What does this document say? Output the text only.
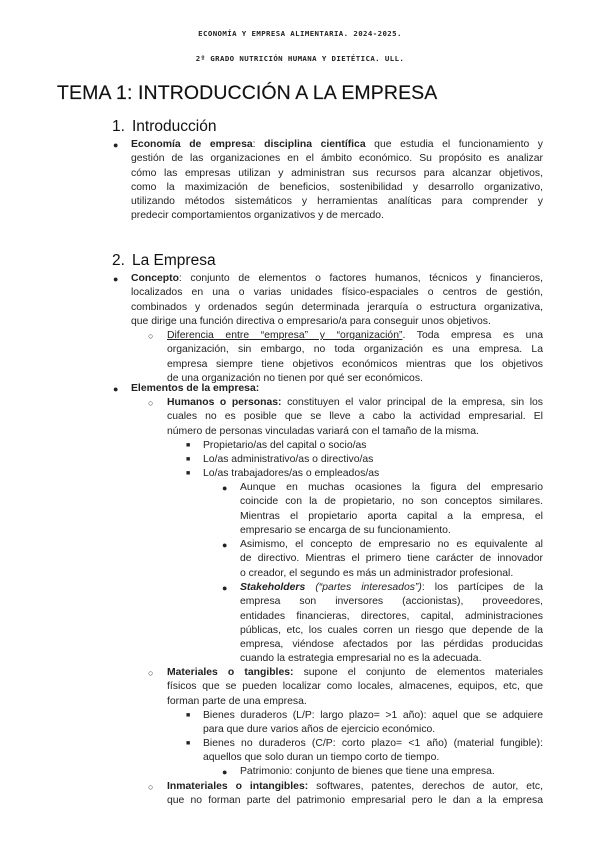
ECONOMÍA Y EMPRESA ALIMENTARIA. 2024-2025.
2º GRADO NUTRICIÓN HUMANA Y DIETÉTICA. ULL.
TEMA 1: INTRODUCCIÓN A LA EMPRESA
1. Introducción
● Economía de empresa: disciplina científica que estudia el funcionamiento y
gestión de las organizaciones en el ámbito económico. Su propósito es analizar
cómo las empresas utilizan y administran sus recursos para alcanzar objetivos,
como la maximización de beneficios, sostenibilidad y desarrollo organizativo,
utilizando métodos sistemáticos y herramientas analíticas para comprender y
predecir comportamientos organizativos y de mercado.
2. La Empresa
● Concepto: conjunto de elementos o factores humanos, técnicos y financieros,
localizados en una o varias unidades físico-espaciales o centros de gestión,
combinados y ordenados según determinada jerarquía o estructura organizativa,
que dirige una función directiva o empresario/a para conseguir unos objetivos.
○ Diferencia entre “empresa” y “organización”. Toda empresa es una
organización, sin embargo, no toda organización es una empresa. La
empresa siempre tiene objetivos económicos mientras que los objetivos
de una organización no tienen por qué ser económicos.
● Elementos de la empresa:
○ Humanos o personas: constituyen el valor principal de la empresa, sin los
cuales no es posible que se lleve a cabo la actividad empresarial. El
número de personas vinculadas variará con el tamaño de la misma.
■ Propietario/as del capital o socio/as
■ Lo/as administrativo/as o directivo/as
■ Lo/as trabajadores/as o empleados/as
● Aunque en muchas ocasiones la figura del empresario
coincide con la de propietario, no son conceptos similares.
Mientras el propietario aporta capital a la empresa, el
empresario se encarga de su funcionamiento.
● Asimismo, el concepto de empresario no es equivalente al
de directivo. Mientras el primero tiene carácter de innovador
o creador, el segundo es más un administrador profesional.
● Stakeholders (“partes interesados”): los partícipes de la
empresa son inversores (accionistas), proveedores,
entidades financieras, directores, capital, administraciones
públicas, etc, los cuales corren un riesgo que depende de la
empresa, viéndose afectados por las pérdidas producidas
cuando la estrategia empresarial no es la adecuada.
○ Materiales o tangibles: supone el conjunto de elementos materiales
físicos que se pueden localizar como locales, almacenes, equipos, etc, que
forman parte de una empresa.
■ Bienes duraderos (L/P: largo plazo= >1 año): aquel que se adquiere
para que dure varios años de ejercicio económico.
■ Bienes no duraderos (C/P: corto plazo= <1 año) (material fungible):
aquellos que solo duran un tiempo corto de tiempo.
● Patrimonio: conjunto de bienes que tiene una empresa.
○ Inmateriales o intangibles: softwares, patentes, derechos de autor, etc,
que no forman parte del patrimonio empresarial pero le dan a la empresa
